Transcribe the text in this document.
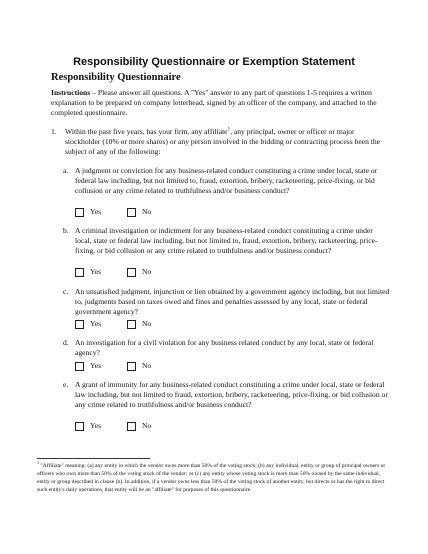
Responsibility Questionnaire or Exemption Statement
Responsibility Questionnaire
Instructions – Please answer all questions. A "Yes" answer to any part of questions 1-5 requires a written explanation to be prepared on company letterhead, signed by an officer of the company, and attached to the completed questionnaire.
1. Within the past five years, has your firm, any affiliate$^1$, any principal, owner or officer or major stockholder (10% or more shares) or any person involved in the bidding or contracting process been the subject of any of the following:
a. A judgment or conviction for any business-related conduct constituting a crime under local, state or federal law including, but not limited to, fraud, extortion, bribery, racketeering, price-fixing, or bid collusion or any crime related to truthfulness and/or business conduct?
Yes	No
b. A criminal investigation or indictment for any business-related conduct constituting a crime under local, state or federal law including, but not limited to, fraud, extortion, bribery, racketeering, price-fixing, or bid collusion or any crime related to truthfulness and/or business conduct?
Yes	No
c. An unsatisfied judgment, injunction or lien obtained by a government agency including, but not limited to, judgments based on taxes owed and fines and penalties assessed by any local, state or federal government agency?
Yes	No
d. An investigation for a civil violation for any business related conduct by any local, state or federal agency?
Yes	No
e. A grant of immunity for any business-related conduct constituting a crime under local, state or federal law including, but not limited to fraud, extortion, bribery, racketeering, price-fixing, or bid collusion or any crime related to truthfulness and/or business conduct?
Yes	No
$^1$ "Affiliate" meaning: (a) any entity in which the vendor owns more than 50% of the voting stock; (b) any individual, entity or group of principal owners or officers who own more than 50% of the voting stock of the vendor; or (c) any entity whose voting stock is more than 50% owned by the same individual, entity or group described in clause (b). In addition, if a vendor owns less than 50% of the voting stock of another entity, but directs or has the right to direct such entity's daily operations, that entity will be an "affiliate" for purposes of this questionnaire.
